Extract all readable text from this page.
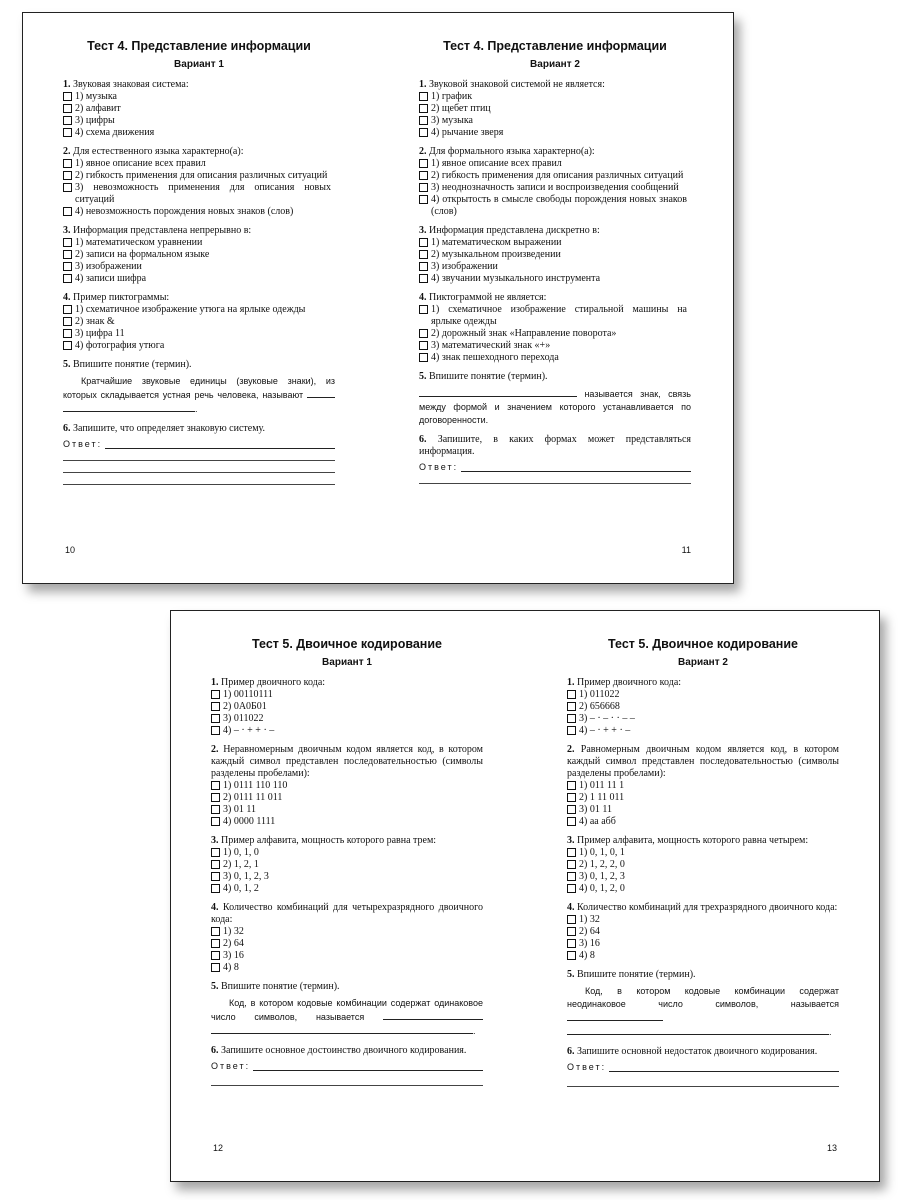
Тест 4. Представление информации
Вариант 1
1. Звуковая знаковая система:
1) музыка
2) алфавит
3) цифры
4) схема движения
2. Для естественного языка характерно(а):
1) явное описание всех правил
2) гибкость применения для описания различных ситуаций
3) невозможность применения для описания новых ситуаций
4) невозможность порождения новых знаков (слов)
3. Информация представлена непрерывно в:
1) математическом уравнении
2) записи на формальном языке
3) изображении
4) записи шифра
4. Пример пиктограммы:
1) схематичное изображение утюга на ярлыке одежды
2) знак &
3) цифра 11
4) фотография утюга
5. Впишите понятие (термин).
Кратчайшие звуковые единицы (звуковые знаки), из которых складывается устная речь человека, называют  .
6. Запишите, что определяет знаковую систему.
Ответ:
10
Тест 4. Представление информации
Вариант 2
1. Звуковой знаковой системой не является:
1) график
2) щебет птиц
3) музыка
4) рычание зверя
2. Для формального языка характерно(а):
1) явное описание всех правил
2) гибкость применения для описания различных ситуаций
3) неоднозначность записи и воспроизведения сообщений
4) открытость в смысле свободы порождения новых знаков (слов)
3. Информация представлена дискретно в:
1) математическом выражении
2) музыкальном произведении
3) изображении
4) звучании музыкального инструмента
4. Пиктограммой не является:
1) схематичное изображение стиральной машины на ярлыке одежды
2) дорожный знак «Направление поворота»
3) математический знак «+»
4) знак пешеходного перехода
5. Впишите понятие (термин).
называется знак, связь между формой и значением которого устанавливается по договоренности.
6. Запишите, в каких формах может представляться информация.
Ответ:
11
Тест 5. Двоичное кодирование
Вариант 1
1. Пример двоичного кода:
1) 00110111
2) 0А0Б01
3) 011022
4) – · + + · –
2. Неравномерным двоичным кодом является код, в котором каждый символ представлен последовательностью (символы разделены пробелами):
1) 0111 110 110
2) 0111 11 011
3) 01 11
4) 0000 1111
3. Пример алфавита, мощность которого равна трем:
1) 0, 1, 0
2) 1, 2, 1
3) 0, 1, 2, 3
4) 0, 1, 2
4. Количество комбинаций для четырехразрядного двоичного кода:
1) 32
2) 64
3) 16
4) 8
5. Впишите понятие (термин).
Код, в котором кодовые комбинации содержат одинаковое число символов, называется  .
6. Запишите основное достоинство двоичного кодирования.
Ответ:
12
Тест 5. Двоичное кодирование
Вариант 2
1. Пример двоичного кода:
1) 011022
2) 656668
3) – · – · · – –
4) – · + + · –
2. Равномерным двоичным кодом является код, в котором каждый символ представлен последовательностью (символы разделены пробелами):
1) 011 11 1
2) 1 11 011
3) 01 11
4) аа абб
3. Пример алфавита, мощность которого равна четырем:
1) 0, 1, 0, 1
2) 1, 2, 2, 0
3) 0, 1, 2, 3
4) 0, 1, 2, 0
4. Количество комбинаций для трехразрядного двоичного кода:
1) 32
2) 64
3) 16
4) 8
5. Впишите понятие (термин).
Код, в котором кодовые комбинации содержат неодинаковое число символов, называется  .
6. Запишите основной недостаток двоичного кодирования.
Ответ:
13
